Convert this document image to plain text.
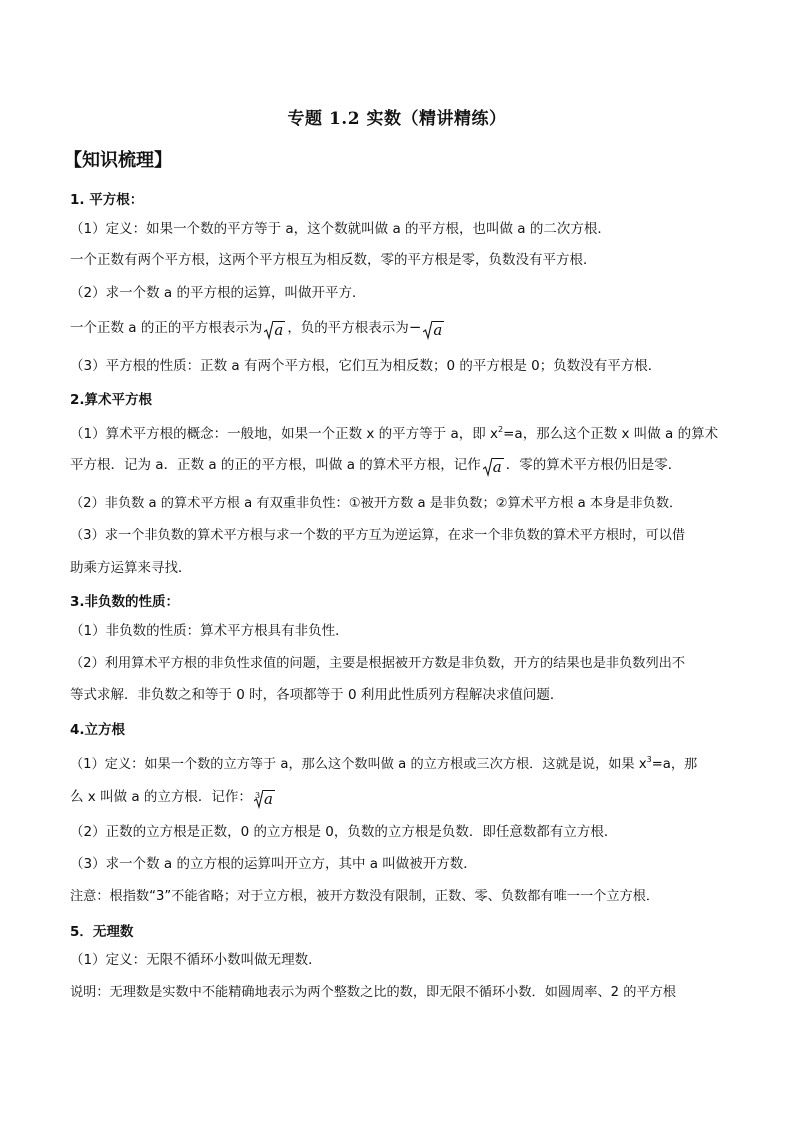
专题 1.2 实数（精讲精练）
【知识梳理】
1. 平方根：
（1）定义：如果一个数的平方等于 a，这个数就叫做 a 的平方根，也叫做 a 的二次方根．
一个正数有两个平方根，这两个平方根互为相反数，零的平方根是零，负数没有平方根．
（2）求一个数 a 的平方根的运算，叫做开平方．
一个正数 a 的正的平方根表示为 a ，负的平方根表示为− a
（3）平方根的性质：正数 a 有两个平方根，它们互为相反数；0 的平方根是 0；负数没有平方根．
2.算术平方根
（1）算术平方根的概念：一般地，如果一个正数 x 的平方等于 a，即 $x^2=a$，那么这个正数 x 叫做 a 的算术
平方根．记为 a．正数 a 的正的平方根，叫做 a 的算术平方根，记作 a ．零的算术平方根仍旧是零．
（2）非负数 a 的算术平方根 a 有双重非负性：①被开方数 a 是非负数；②算术平方根 a 本身是非负数．
（3）求一个非负数的算术平方根与求一个数的平方互为逆运算，在求一个非负数的算术平方根时，可以借
助乘方运算来寻找．
3.非负数的性质：
（1）非负数的性质：算术平方根具有非负性．
（2）利用算术平方根的非负性求值的问题，主要是根据被开方数是非负数，开方的结果也是非负数列出不
等式求解．非负数之和等于 0 时，各项都等于 0 利用此性质列方程解决求值问题．
4.立方根
（1）定义：如果一个数的立方等于 a，那么这个数叫做 a 的立方根或三次方根．这就是说，如果 $x^3=a$，那
么 x 叫做 a 的立方根．记作： 3 a
（2）正数的立方根是正数，0 的立方根是 0，负数的立方根是负数．即任意数都有立方根．
（3）求一个数 a 的立方根的运算叫开立方，其中 a 叫做被开方数．
注意：根指数“3”不能省略；对于立方根，被开方数没有限制，正数、零、负数都有唯一一个立方根．
5．无理数
（1）定义：无限不循环小数叫做无理数．
说明：无理数是实数中不能精确地表示为两个整数之比的数，即无限不循环小数．如圆周率、2 的平方根
